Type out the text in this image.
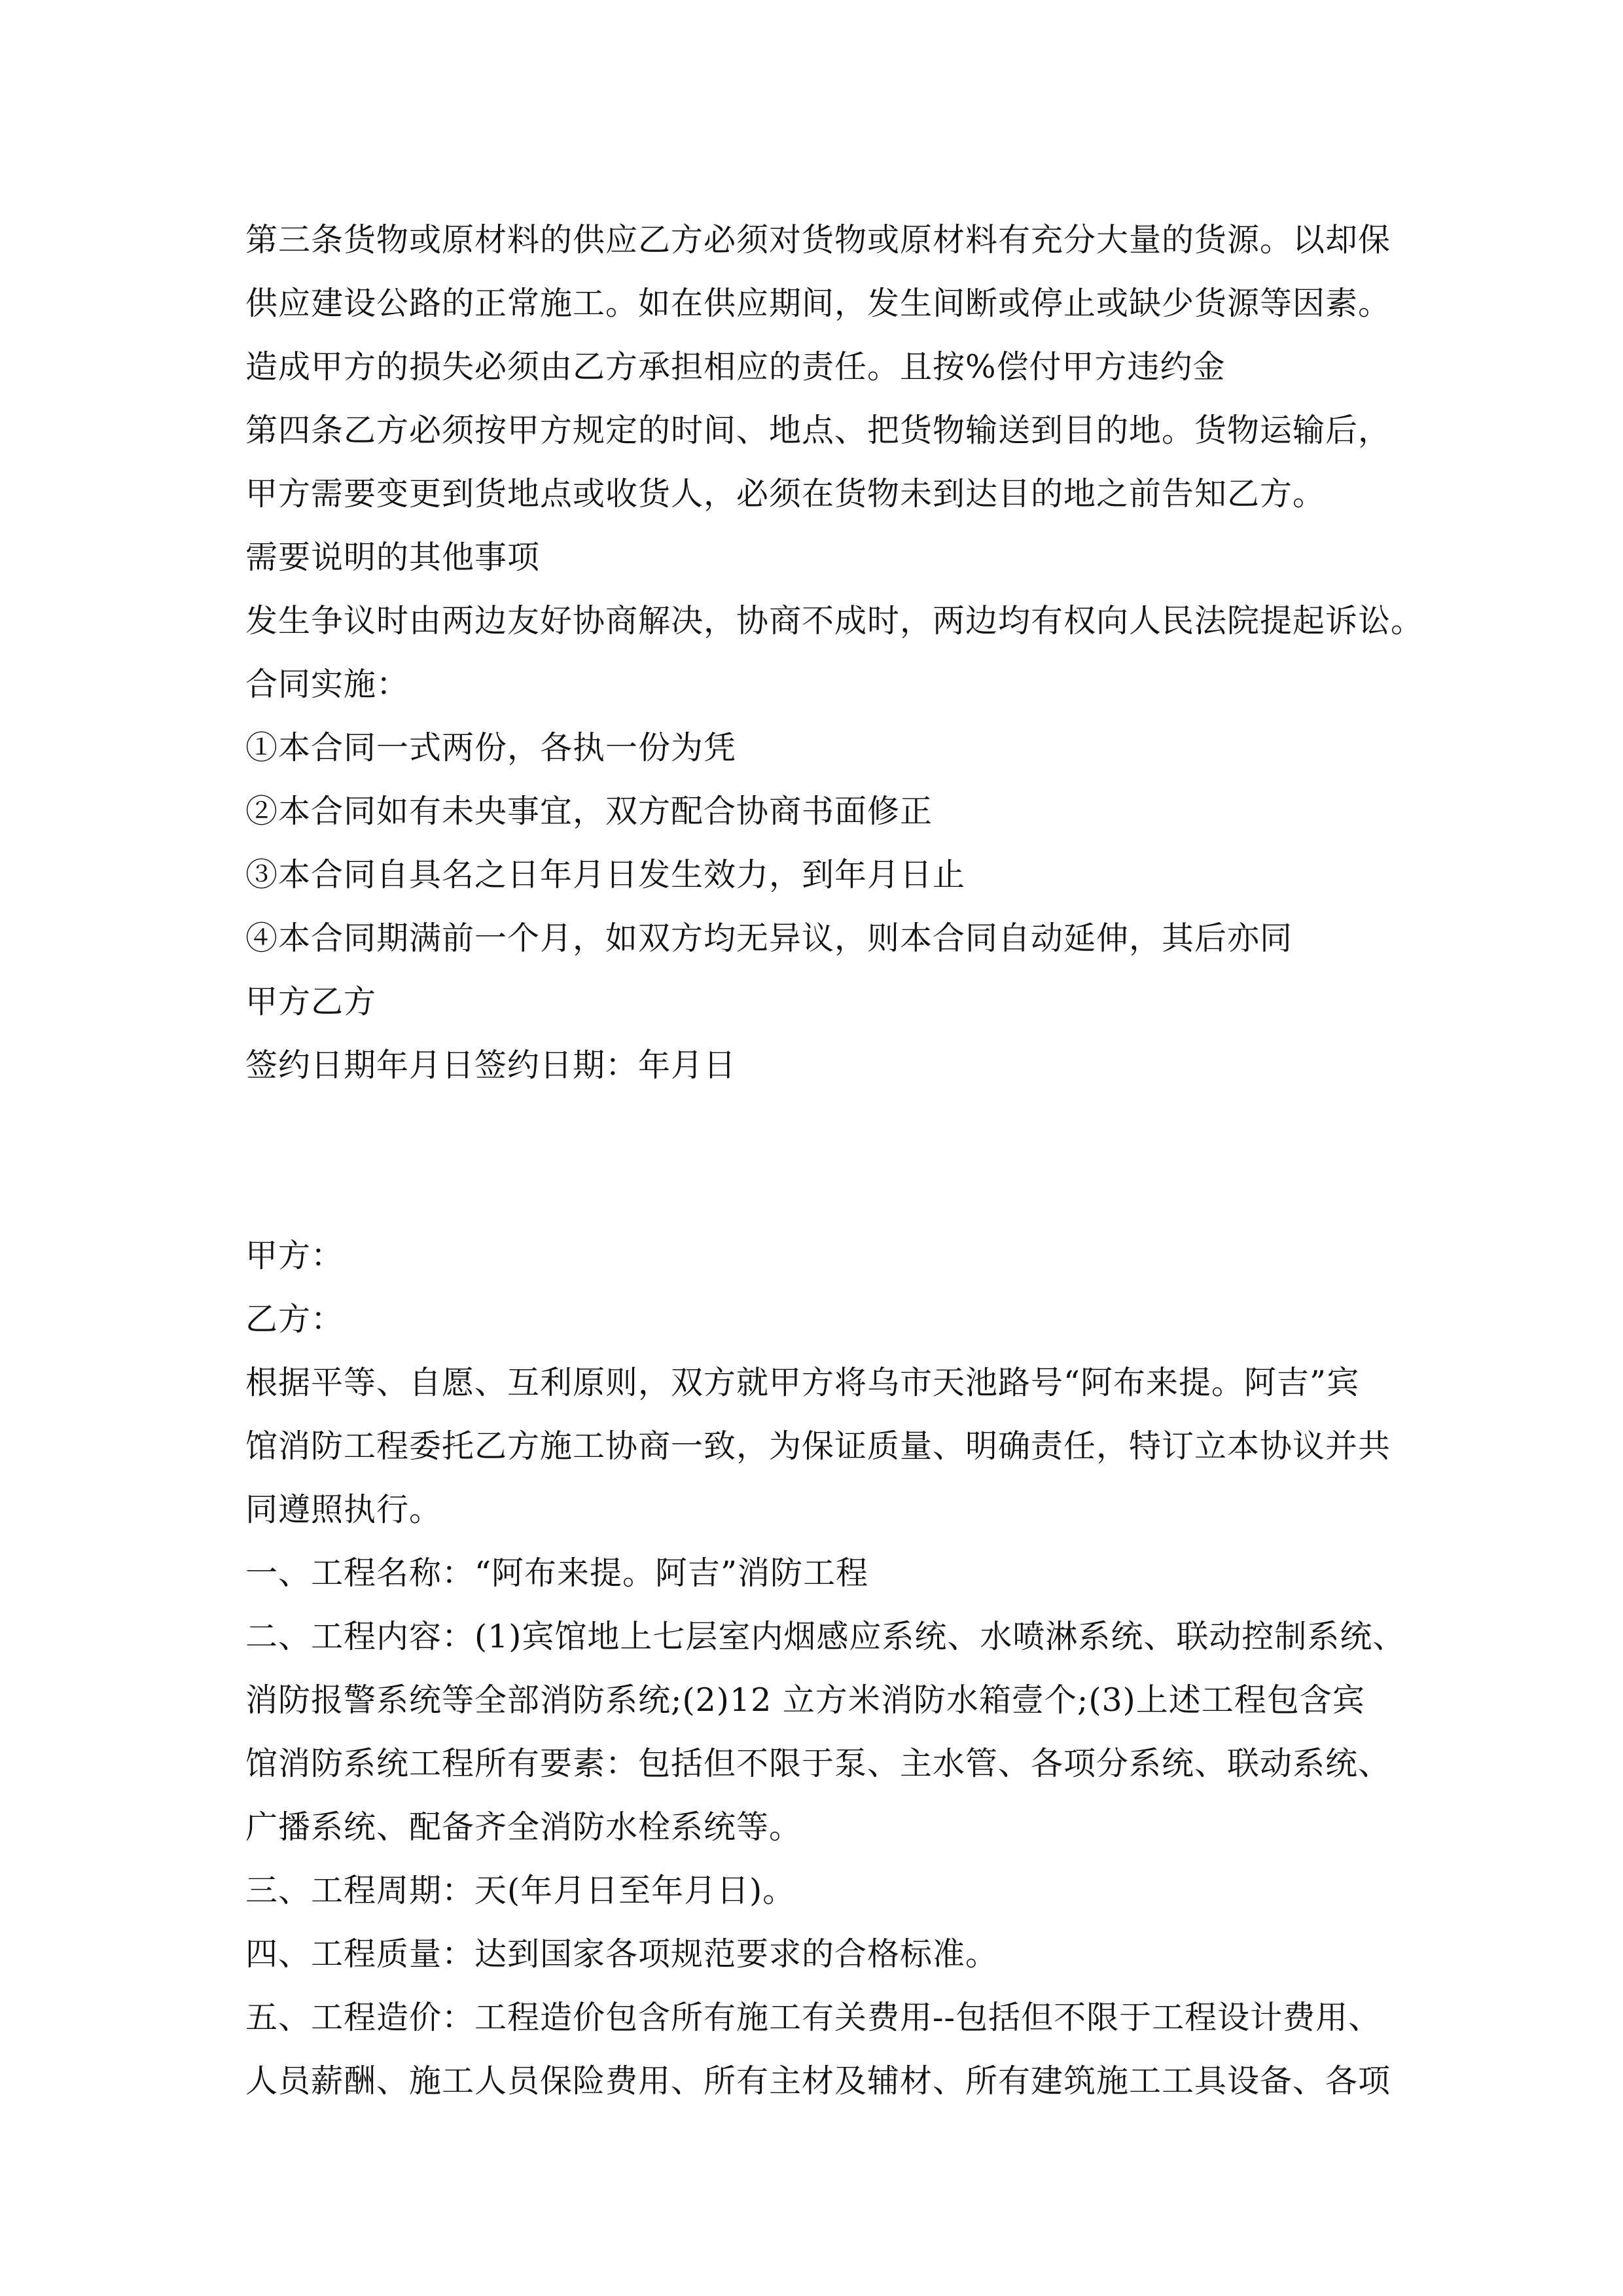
第三条货物或原材料的供应乙方必须对货物或原材料有充分大量的货源。以却保
供应建设公路的正常施工。如在供应期间，发生间断或停止或缺少货源等因素。
造成甲方的损失必须由乙方承担相应的责任。且按%偿付甲方违约金
第四条乙方必须按甲方规定的时间、地点、把货物输送到目的地。货物运输后，
甲方需要变更到货地点或收货人，必须在货物未到达目的地之前告知乙方。
需要说明的其他事项
发生争议时由两边友好协商解决，协商不成时，两边均有权向人民法院提起诉讼。
合同实施：
①本合同一式两份，各执一份为凭
②本合同如有未央事宜，双方配合协商书面修正
③本合同自具名之日年月日发生效力，到年月日止
④本合同期满前一个月，如双方均无异议，则本合同自动延伸，其后亦同
甲方乙方
签约日期年月日签约日期：年月日
甲方：
乙方：
根据平等、自愿、互利原则，双方就甲方将乌市天池路号“阿布来提。阿吉”宾
馆消防工程委托乙方施工协商一致，为保证质量、明确责任，特订立本协议并共
同遵照执行。
一、工程名称：“阿布来提。阿吉”消防工程
二、工程内容：(1)宾馆地上七层室内烟感应系统、水喷淋系统、联动控制系统、
消防报警系统等全部消防系统;(2)12 立方米消防水箱壹个;(3)上述工程包含宾
馆消防系统工程所有要素：包括但不限于泵、主水管、各项分系统、联动系统、
广播系统、配备齐全消防水栓系统等。
三、工程周期：天(年月日至年月日)。
四、工程质量：达到国家各项规范要求的合格标准。
五、工程造价：工程造价包含所有施工有关费用--包括但不限于工程设计费用、
人员薪酬、施工人员保险费用、所有主材及辅材、所有建筑施工工具设备、各项
